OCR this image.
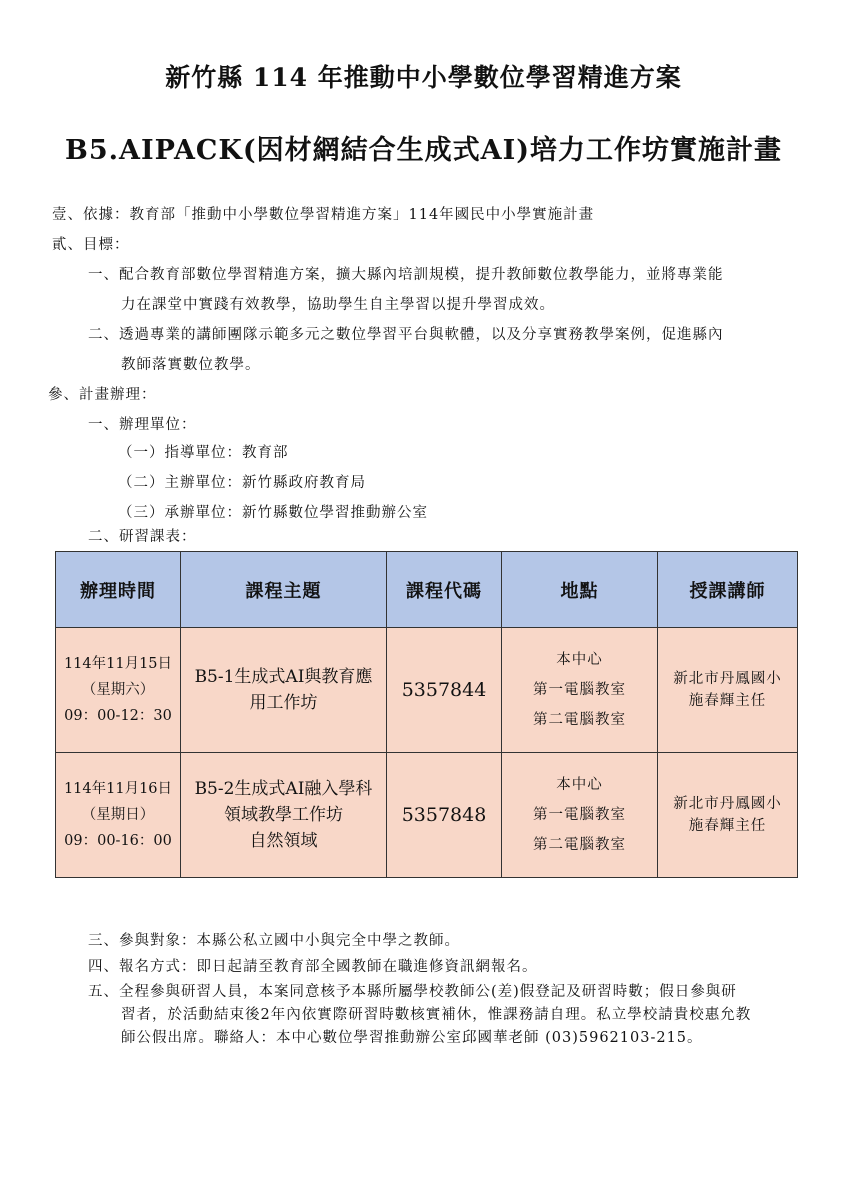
新竹縣 114 年推動中小學數位學習精進方案
B5.AIPACK(因材網結合生成式AI)培力工作坊實施計畫
壹、依據：教育部「推動中小學數位學習精進方案」114年國民中小學實施計畫
貳、目標：
一、配合教育部數位學習精進方案，擴大縣內培訓規模，提升教師數位教學能力，並將專業能
力在課堂中實踐有效教學，協助學生自主學習以提升學習成效。
二、透過專業的講師團隊示範多元之數位學習平台與軟體，以及分享實務教學案例，促進縣內
教師落實數位教學。
參、計畫辦理：
一、辦理單位：
（一）指導單位：教育部
（二）主辦單位：新竹縣政府教育局
（三）承辦單位：新竹縣數位學習推動辦公室
二、研習課表：
辦理時間	課程主題	課程代碼	地點	授課講師

114年11月15日
（星期六）
09：00-12：30	B5-1生成式AI與教育應
用工作坊	5357844	本中心
第一電腦教室
第二電腦教室	新北市丹鳳國小
施春輝主任

114年11月16日
（星期日）
09：00-16：00	B5-2生成式AI融入學科
領域教學工作坊
自然領域	5357848	本中心
第一電腦教室
第二電腦教室	新北市丹鳳國小
施春輝主任
三、參與對象：本縣公私立國中小與完全中學之教師。
四、報名方式：即日起請至教育部全國教師在職進修資訊網報名。
五、全程參與研習人員，本案同意核予本縣所屬學校教師公(差)假登記及研習時數；假日參與研
習者，於活動結束後2年內依實際研習時數核實補休，惟課務請自理。私立學校請貴校惠允教
師公假出席。聯絡人：本中心數位學習推動辦公室邱國華老師 (03)5962103-215。
